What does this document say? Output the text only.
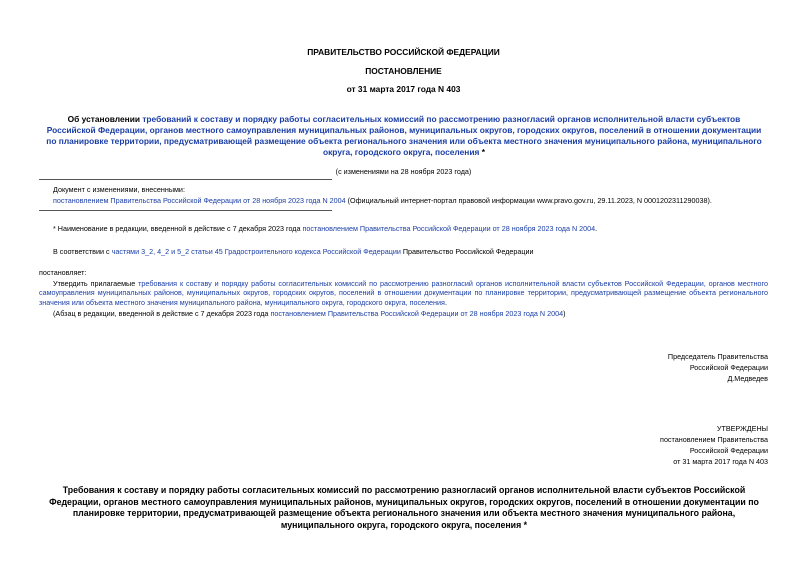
ПРАВИТЕЛЬСТВО РОССИЙСКОЙ ФЕДЕРАЦИИ
ПОСТАНОВЛЕНИЕ
от 31 марта 2017 года N 403
Об установлении требований к составу и порядку работы согласительных комиссий по рассмотрению разногласий органов исполнительной власти субъектов Российской Федерации, органов местного самоуправления муниципальных районов, муниципальных округов, городских округов, поселений в отношении документации по планировке территории, предусматривающей размещение объекта регионального значения или объекта местного значения муниципального района, муниципального округа, городского округа, поселения *
(с изменениями на 28 ноября 2023 года)
Документ с изменениями, внесенными:
постановлением Правительства Российской Федерации от 28 ноября 2023 года N 2004 (Официальный интернет-портал правовой информации www.pravo.gov.ru, 29.11.2023, N 0001202311290038).
* Наименование в редакции, введенной в действие с 7 декабря 2023 года постановлением Правительства Российской Федерации от 28 ноября 2023 года N 2004.
В соответствии с частями 3_2, 4_2 и 5_2 статьи 45 Градостроительного кодекса Российской Федерации Правительство Российской Федерации
постановляет:
Утвердить прилагаемые требования к составу и порядку работы согласительных комиссий по рассмотрению разногласий органов исполнительной власти субъектов Российской Федерации, органов местного самоуправления муниципальных районов, муниципальных округов, городских округов, поселений в отношении документации по планировке территории, предусматривающей размещение объекта регионального значения или объекта местного значения муниципального района, муниципального округа, городского округа, поселения.
(Абзац в редакции, введенной в действие с 7 декабря 2023 года постановлением Правительства Российской Федерации от 28 ноября 2023 года N 2004)
Председатель Правительства
Российской Федерации
Д.Медведев
УТВЕРЖДЕНЫ
постановлением Правительства
Российской Федерации
от 31 марта 2017 года N 403
Требования к составу и порядку работы согласительных комиссий по рассмотрению разногласий органов исполнительной власти субъектов Российской Федерации, органов местного самоуправления муниципальных районов, муниципальных округов, городских округов, поселений в отношении документации по планировке территории, предусматривающей размещение объекта регионального значения или объекта местного значения муниципального района, муниципального округа, городского округа, поселения *
